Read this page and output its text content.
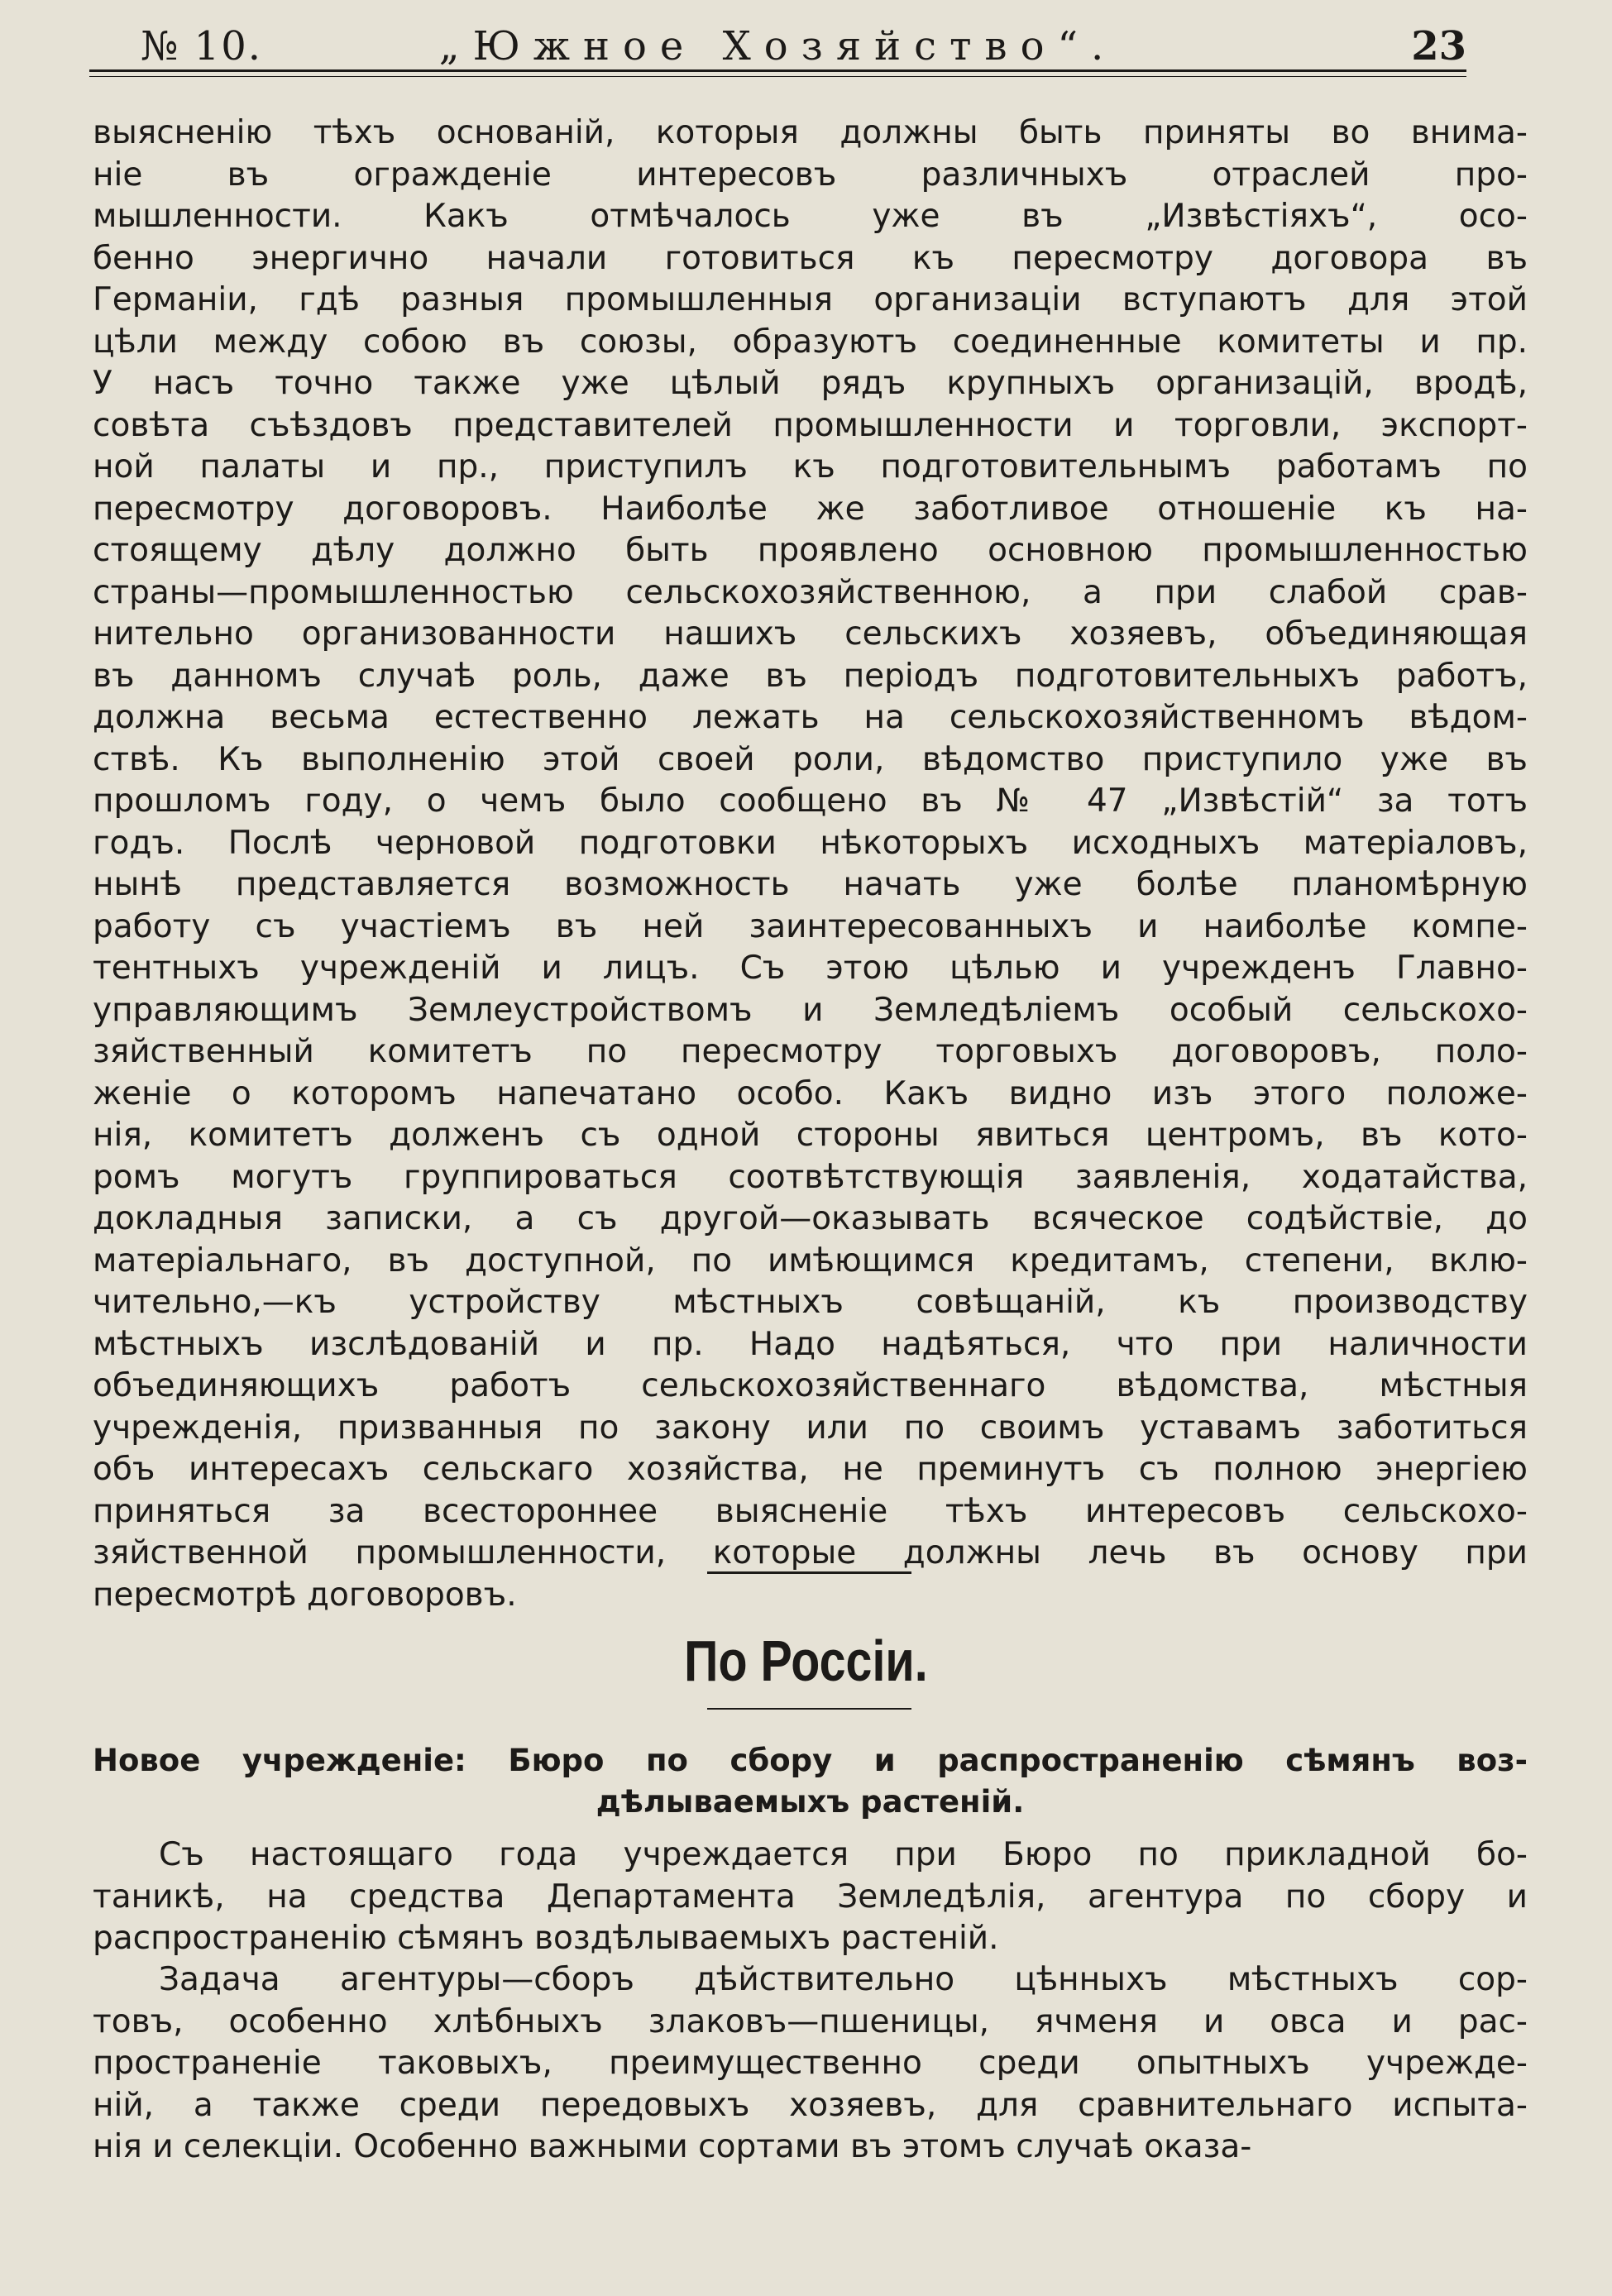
№ 10.	„Южное Хозяйство“.	23
выясненію тѣхъ основаній, которыя должны быть приняты во внима-
ніе въ огражденіе интересовъ различныхъ отраслей про-
мышленности. Какъ отмѣчалось уже въ „Извѣстіяхъ“, осо-
бенно энергично начали готовиться къ пересмотру договора въ
Германіи, гдѣ разныя промышленныя организаціи вступаютъ для этой
цѣли между собою въ союзы, образуютъ соединенные комитеты и пр.
У насъ точно также уже цѣлый рядъ крупныхъ организацій, вродѣ,
совѣта съѣздовъ представителей промышленности и торговли, экспорт-
ной палаты и пр., приступилъ къ подготовительнымъ работамъ по
пересмотру договоровъ. Наиболѣе же заботливое отношеніе къ на-
стоящему дѣлу должно быть проявлено основною промышленностью
страны—промышленностью сельскохозяйственною, а при слабой срав-
нительно организованности нашихъ сельскихъ хозяевъ, объединяющая
въ данномъ случаѣ роль, даже въ періодъ подготовительныхъ работъ,
должна весьма естественно лежать на сельскохозяйственномъ вѣдом-
ствѣ. Къ выполненію этой своей роли, вѣдомство приступило уже въ
прошломъ году, о чемъ было сообщено въ № 47 „Извѣстій“ за тотъ
годъ. Послѣ черновой подготовки нѣкоторыхъ исходныхъ матеріаловъ,
нынѣ представляется возможность начать уже болѣе планомѣрную
работу съ участіемъ въ ней заинтересованныхъ и наиболѣе компе-
тентныхъ учрежденій и лицъ. Съ этою цѣлью и учрежденъ Главно-
управляющимъ Землеустройствомъ и Земледѣліемъ особый сельскохо-
зяйственный комитетъ по пересмотру торговыхъ договоровъ, поло-
женіе о которомъ напечатано особо. Какъ видно изъ этого положе-
нія, комитетъ долженъ съ одной стороны явиться центромъ, въ кото-
ромъ могутъ группироваться соотвѣтствующія заявленія, ходатайства,
докладныя записки, а съ другой—оказывать всяческое содѣйствіе, до
матеріальнаго, въ доступной, по имѣющимся кредитамъ, степени, вклю-
чительно,—къ устройству мѣстныхъ совѣщаній, къ производству
мѣстныхъ изслѣдованій и пр. Надо надѣяться, что при наличности
объединяющихъ работъ сельскохозяйственнаго вѣдомства, мѣстныя
учрежденія, призванныя по закону или по своимъ уставамъ заботиться
объ интересахъ сельскаго хозяйства, не преминутъ съ полною энергіею
приняться за всестороннее выясненіе тѣхъ интересовъ сельскохо-
зяйственной промышленности, которые должны лечь въ основу при
пересмотрѣ договоровъ.
По Россіи.
Новое учрежденіе: Бюро по сбору и распространенію сѣмянъ воз-
дѣлываемыхъ растеній.
Съ настоящаго года учреждается при Бюро по прикладной бо-
таникѣ, на средства Департамента Земледѣлія, агентура по сбору и
распространенію сѣмянъ воздѣлываемыхъ растеній.
Задача агентуры—сборъ дѣйствительно цѣнныхъ мѣстныхъ сор-
товъ, особенно хлѣбныхъ злаковъ—пшеницы, ячменя и овса и рас-
пространеніе таковыхъ, преимущественно среди опытныхъ учрежде-
ній, а также среди передовыхъ хозяевъ, для сравнительнаго испыта-
нія и селекціи. Особенно важными сортами въ этомъ случаѣ оказа-
